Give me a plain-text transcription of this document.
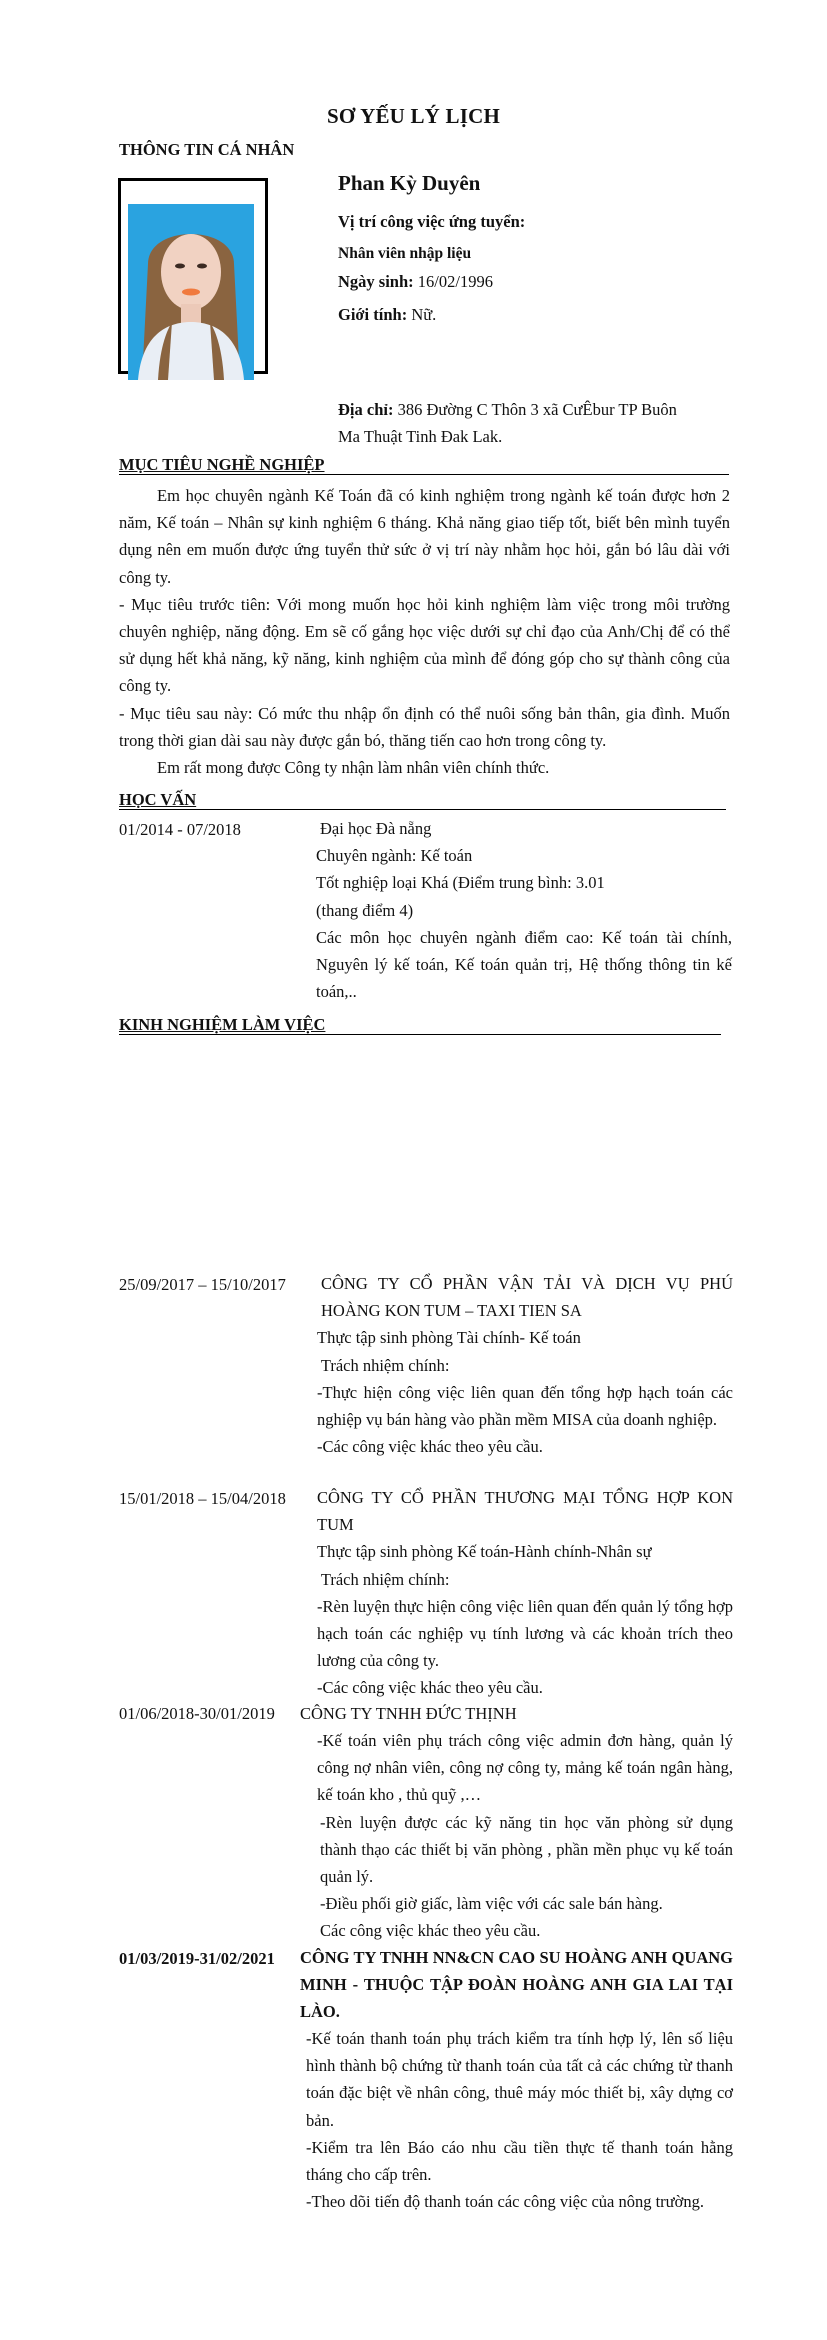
SƠ YẾU LÝ LỊCH
THÔNG TIN CÁ NHÂN
Phan Kỳ Duyên
Vị trí công việc ứng tuyển:
Nhân viên nhập liệu
Ngày sinh: 16/02/1996
Giới tính: Nữ.
Địa chỉ: 386 Đường C Thôn 3 xã CưÊbur TP Buôn
Ma Thuật Tinh Đak Lak.
MỤC TIÊU NGHỀ NGHIỆP

Em học chuyên ngành Kế Toán đã có kinh nghiệm trong ngành kế toán được hơn 2 năm, Kế toán – Nhân sự kinh nghiệm 6 tháng. Khả năng giao tiếp tốt, biết bên mình tuyển dụng nên em muốn được ứng tuyển thử sức ở vị trí này nhằm học hỏi, gắn bó lâu dài với công ty.

- Mục tiêu trước tiên: Với mong muốn học hỏi kinh nghiệm làm việc trong môi trường chuyên nghiệp, năng động. Em sẽ cố gắng học việc dưới sự chỉ đạo của Anh/Chị để có thể sử dụng hết khả năng, kỹ năng, kinh nghiệm của mình để đóng góp cho sự thành công của công ty.

- Mục tiêu sau này: Có mức thu nhập ổn định có thể nuôi sống bản thân, gia đình. Muốn trong thời gian dài sau này được gắn bó, thăng tiến cao hơn trong công ty.

Em rất mong được Công ty nhận làm nhân viên chính thức.

HỌC VẤN
01/2014 - 07/2018	Đại học Đà nẵng

Chuyên ngành: Kế toán

Tốt nghiệp loại Khá (Điểm trung bình: 3.01

(thang điểm 4)

Các môn học chuyên ngành điểm cao: Kế toán tài chính, Nguyên lý kế toán, Kế toán quản trị, Hệ thống thông tin kế toán,..

KINH NGHIỆM LÀM VIỆC
25/09/2017 – 15/10/2017 CÔNG TY CỔ PHẦN VẬN TẢI VÀ DỊCH VỤ PHÚ HOÀNG KON TUM – TAXI TIEN SA

Thực tập sinh phòng Tài chính- Kế toán

Trách nhiệm chính:

-Thực hiện công việc liên quan đến tổng hợp hạch toán các nghiệp vụ bán hàng vào phần mềm MISA của doanh nghiệp.

-Các công việc khác theo yêu cầu.

15/01/2018 – 15/04/2018 CÔNG TY CỔ PHẦN THƯƠNG MẠI TỔNG HỢP KON TUM

Thực tập sinh phòng Kế toán-Hành chính-Nhân sự

Trách nhiệm chính:

-Rèn luyện thực hiện công việc liên quan đến quản lý tổng hợp hạch toán các nghiệp vụ tính lương và các khoản trích theo lương của công ty.

-Các công việc khác theo yêu cầu.

01/06/2018-30/01/2019 CÔNG TY TNHH ĐỨC THỊNH

-Kế toán viên phụ trách công việc admin đơn hàng, quản lý công nợ nhân viên, công nợ công ty, mảng kế toán ngân hàng, kế toán kho , thủ quỹ ,…

-Rèn luyện được các kỹ năng tin học văn phòng sử dụng thành thạo các thiết bị văn phòng , phần mền phục vụ kế toán quản lý.

-Điều phối giờ giấc, làm việc với các sale bán hàng.

Các công việc khác theo yêu cầu.

01/03/2019-31/02/2021 CÔNG TY TNHH NN&CN CAO SU HOÀNG ANH QUANG MINH - THUỘC TẬP ĐOÀN HOÀNG ANH GIA LAI TẠI LÀO.

-Kế toán thanh toán phụ trách kiểm tra tính hợp lý, lên số liệu hình thành bộ chứng từ thanh toán của tất cả các chứng từ thanh toán đặc biệt về nhân công, thuê máy móc thiết bị, xây dựng cơ bản.

-Kiểm tra lên Báo cáo nhu cầu tiền thực tế thanh toán hằng tháng cho cấp trên.

-Theo dõi tiến độ thanh toán các công việc của nông trường.
